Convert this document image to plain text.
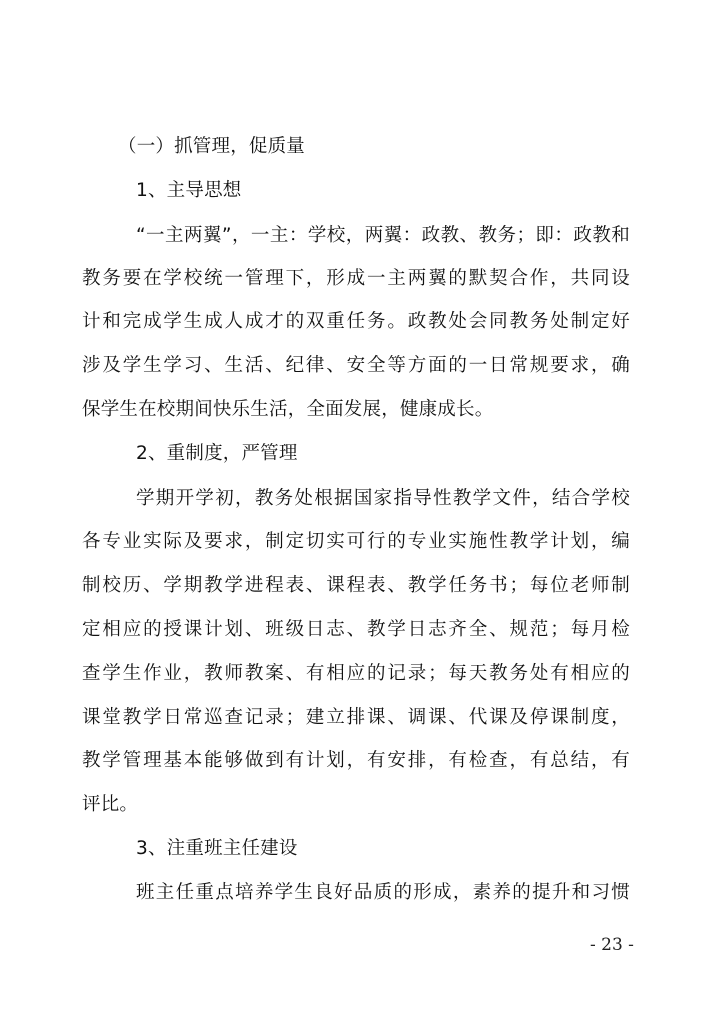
（一）抓管理，促质量
1、主导思想
“一主两翼”，一主：学校，两翼：政教、教务；即：政教和
教务要在学校统一管理下，形成一主两翼的默契合作，共同设
计和完成学生成人成才的双重任务。政教处会同教务处制定好
涉及学生学习、生活、纪律、安全等方面的一日常规要求，确
保学生在校期间快乐生活，全面发展，健康成长。
2、重制度，严管理
学期开学初，教务处根据国家指导性教学文件，结合学校
各专业实际及要求，制定切实可行的专业实施性教学计划，编
制校历、学期教学进程表、课程表、教学任务书；每位老师制
定相应的授课计划、班级日志、教学日志齐全、规范；每月检
查学生作业，教师教案、有相应的记录；每天教务处有相应的
课堂教学日常巡查记录；建立排课、调课、代课及停课制度，
教学管理基本能够做到有计划，有安排，有检查，有总结，有
评比。
3、注重班主任建设
班主任重点培养学生良好品质的形成，素养的提升和习惯
- 23 -
